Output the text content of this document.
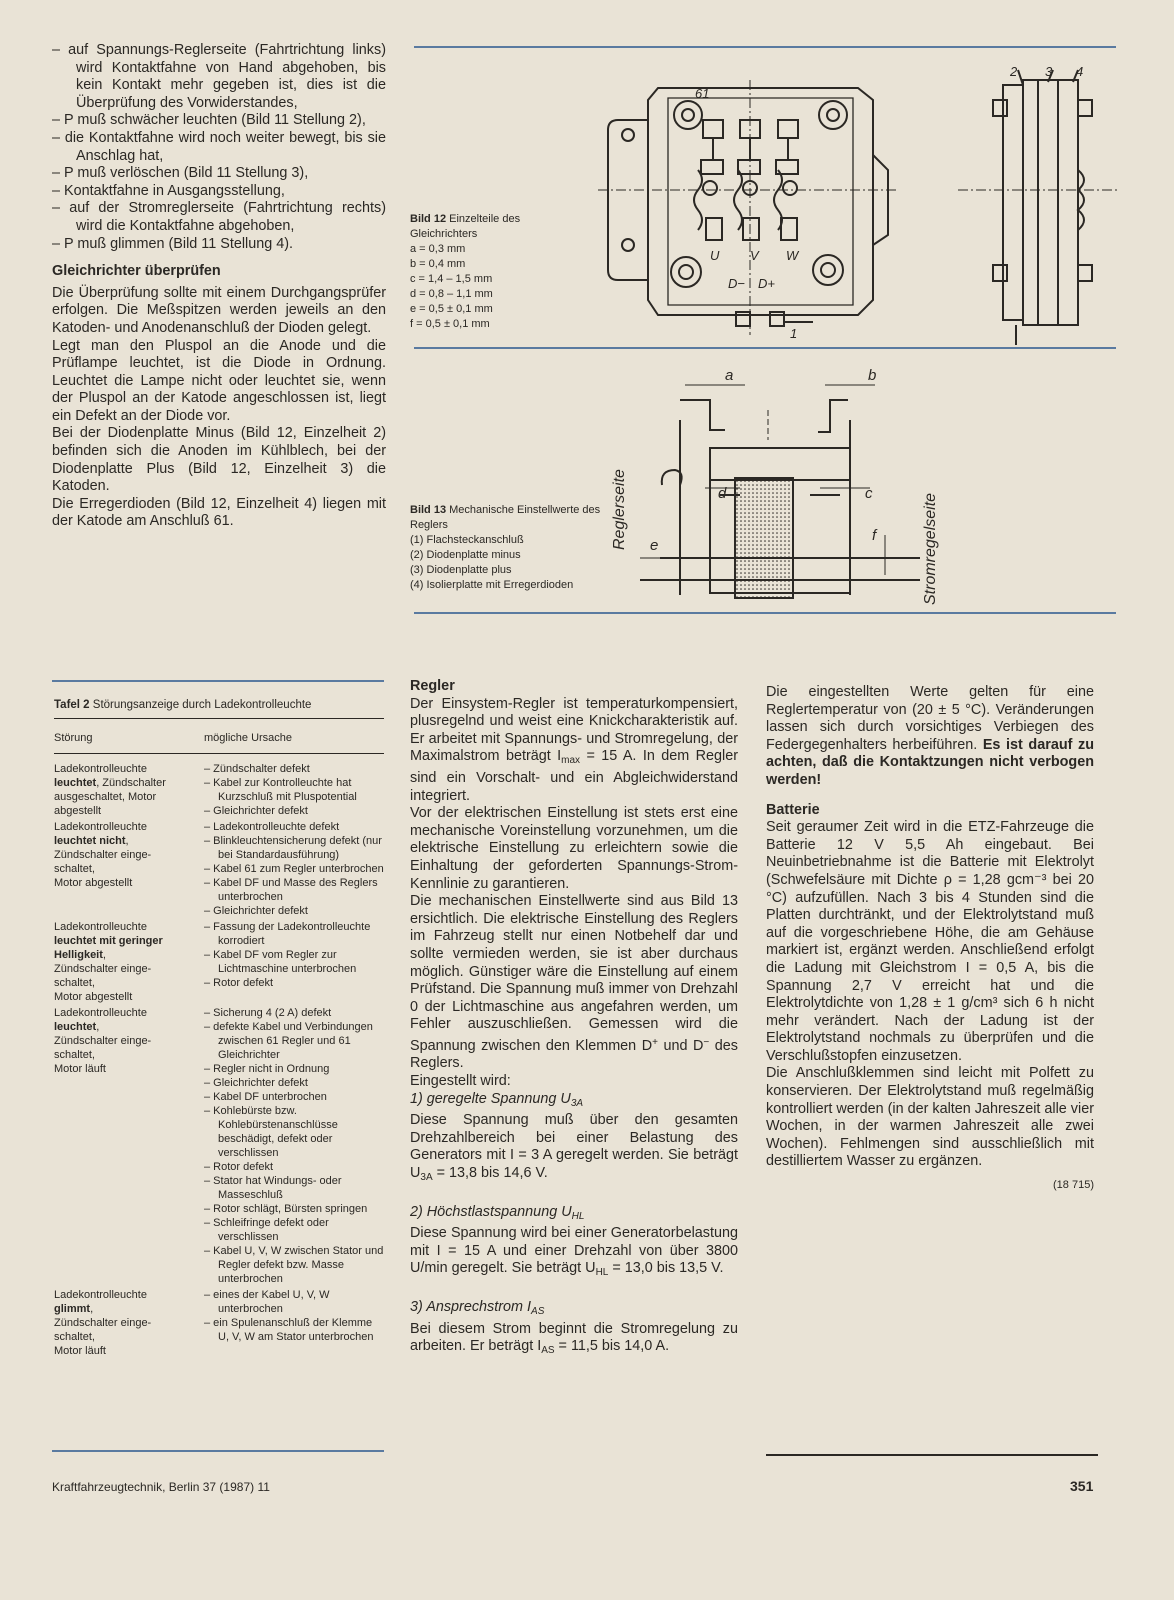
– auf Spannungs-Reglerseite (Fahrtrichtung links) wird Kontaktfahne von Hand abgehoben, bis kein Kontakt mehr gegeben ist, dies ist die Überprüfung des Vorwiderstandes,

– P muß schwächer leuchten (Bild 11 Stellung 2),

– die Kontaktfahne wird noch weiter bewegt, bis sie Anschlag hat,

– P muß verlöschen (Bild 11 Stellung 3),

– Kontaktfahne in Ausgangsstellung,

– auf der Stromreglerseite (Fahrtrichtung rechts) wird die Kontaktfahne abgehoben,

– P muß glimmen (Bild 11 Stellung 4).

Gleichrichter überprüfen

Die Überprüfung sollte mit einem Durchgangsprüfer erfolgen. Die Meßspitzen werden jeweils an den Katoden- und Anodenanschluß der Dioden gelegt.

Legt man den Pluspol an die Anode und die Prüflampe leuchtet, ist die Diode in Ordnung. Leuchtet die Lampe nicht oder leuchtet sie, wenn der Pluspol an der Katode angeschlossen ist, liegt ein Defekt an der Diode vor.

Bei der Diodenplatte Minus (Bild 12, Einzelheit 2) befinden sich die Anoden im Kühlblech, bei der Diodenplatte Plus (Bild 12, Einzelheit 3) die Katoden.

Die Erregerdioden (Bild 12, Einzelheit 4) liegen mit der Katode am Anschluß 61.

Bild 12 Einzelteile des Gleichrichters
a = 0,3 mm
b = 0,4 mm
c = 1,4 – 1,5 mm
d = 0,8 – 1,1 mm
e = 0,5 ± 0,1 mm
f = 0,5 ± 0,1 mm
61
U V W
D− D+
1
2 3 4
Bild 13 Mechanische Einstellwerte des Reglers
(1) Flachsteckanschluß
(2) Diodenplatte minus
(3) Diodenplatte plus
(4) Isolierplatte mit Erregerdioden
a	b
c
d
e
f
Reglerseite	Stromregelseite
Tafel 2 Störungsanzeige durch Ladekontrolleuchte
Störung	mögliche Ursache
Ladekontrolleuchte
leuchtet, Zündschalter
ausgeschaltet, Motor
abgestellt
– Zündschalter defekt
– Kabel zur Kontrolleuchte hat Kurzschluß mit Pluspotential
– Gleichrichter defekt
Ladekontrolleuchte
leuchtet nicht,
Zündschalter einge-
schaltet,
Motor abgestellt
– Ladekontrolleuchte defekt
– Blinkleuchtensicherung defekt (nur bei Standardausführung)
– Kabel 61 zum Regler unterbrochen
– Kabel DF und Masse des Reglers unterbrochen
– Gleichrichter defekt
Ladekontrolleuchte
leuchtet mit geringer
Helligkeit,
Zündschalter einge-
schaltet,
Motor abgestellt
– Fassung der Ladekontrolleuchte korrodiert
– Kabel DF vom Regler zur Lichtmaschine unterbrochen
– Rotor defekt
Ladekontrolleuchte
leuchtet,
Zündschalter einge-
schaltet,
Motor läuft
– Sicherung 4 (2 A) defekt
– defekte Kabel und Verbindungen zwischen 61 Regler und 61 Gleichrichter
– Regler nicht in Ordnung
– Gleichrichter defekt
– Kabel DF unterbrochen
– Kohlebürste bzw. Kohlebürstenanschlüsse beschädigt, defekt oder verschlissen
– Rotor defekt
– Stator hat Windungs- oder Masseschluß
– Rotor schlägt, Bürsten springen
– Schleifringe defekt oder verschlissen
– Kabel U, V, W zwischen Stator und Regler defekt bzw. Masse unterbrochen
Ladekontrolleuchte
glimmt,
Zündschalter einge-
schaltet,
Motor läuft
– eines der Kabel U, V, W unterbrochen
– ein Spulenanschluß der Klemme U, V, W am Stator unterbrochen
Regler

Der Einsystem-Regler ist temperaturkompensiert, plusregelnd und weist eine Knickcharakteristik auf. Er arbeitet mit Spannungs- und Stromregelung, der Maximalstrom beträgt $I_{max} = 15$ A. In dem Regler sind ein Vorschalt- und ein Abgleichwiderstand integriert.

Vor der elektrischen Einstellung ist stets erst eine mechanische Voreinstellung vorzunehmen, um die elektrische Einstellung zu erleichtern sowie die Einhaltung der geforderten Spannungs-Strom-Kennlinie zu garantieren.

Die mechanischen Einstellwerte sind aus Bild 13 ersichtlich. Die elektrische Einstellung des Reglers im Fahrzeug stellt nur einen Notbehelf dar und sollte vermieden werden, sie ist aber durchaus möglich. Günstiger wäre die Einstellung auf einem Prüfstand. Die Spannung muß immer von Drehzahl 0 der Lichtmaschine aus angefahren werden, um Fehler auszuschließen. Gemessen wird die Spannung zwischen den Klemmen D+ und D− des Reglers.

Eingestellt wird:

1) geregelte Spannung $U_{3A}$

Diese Spannung muß über den gesamten Drehzahlbereich bei einer Belastung des Generators mit I = 3 A geregelt werden. Sie beträgt $U_{3A} = 13,8$ bis 14,6 V.

2) Höchstlastspannung $U_{HL}$

Diese Spannung wird bei einer Generatorbelastung mit I = 15 A und einer Drehzahl von über 3800 U/min geregelt. Sie beträgt $U_{HL} = 13,0$ bis 13,5 V.

3) Ansprechstrom $I_{AS}$

Bei diesem Strom beginnt die Stromregelung zu arbeiten. Er beträgt $I_{AS} = 11,5$ bis 14,0 A.

Die eingestellten Werte gelten für eine Reglertemperatur von (20 ± 5 °C). Veränderungen lassen sich durch vorsichtiges Verbiegen des Federgegenhalters herbeiführen. Es ist darauf zu achten, daß die Kontaktzungen nicht verbogen werden!

Batterie

Seit geraumer Zeit wird in die ETZ-Fahrzeuge die Batterie 12 V 5,5 Ah eingebaut. Bei Neuinbetriebnahme ist die Batterie mit Elektrolyt (Schwefelsäure mit Dichte ρ = 1,28 gcm⁻³ bei 20 °C) aufzufüllen. Nach 3 bis 4 Stunden sind die Platten durchtränkt, und der Elektrolytstand muß auf die vorgeschriebene Höhe, die am Gehäuse markiert ist, ergänzt werden. Anschließend erfolgt die Ladung mit Gleichstrom I = 0,5 A, bis die Spannung 2,7 V erreicht hat und die Elektrolytdichte von 1,28 ± 1 g/cm³ sich 6 h nicht mehr verändert. Nach der Ladung ist der Elektrolytstand nochmals zu überprüfen und die Verschlußstopfen einzusetzen.

Die Anschlußklemmen sind leicht mit Polfett zu konservieren. Der Elektrolytstand muß regelmäßig kontrolliert werden (in der kalten Jahreszeit alle vier Wochen, in der warmen Jahreszeit alle zwei Wochen). Fehlmengen sind ausschließlich mit destilliertem Wasser zu ergänzen.

(18 715)

Kraftfahrzeugtechnik, Berlin 37 (1987) 11	351
